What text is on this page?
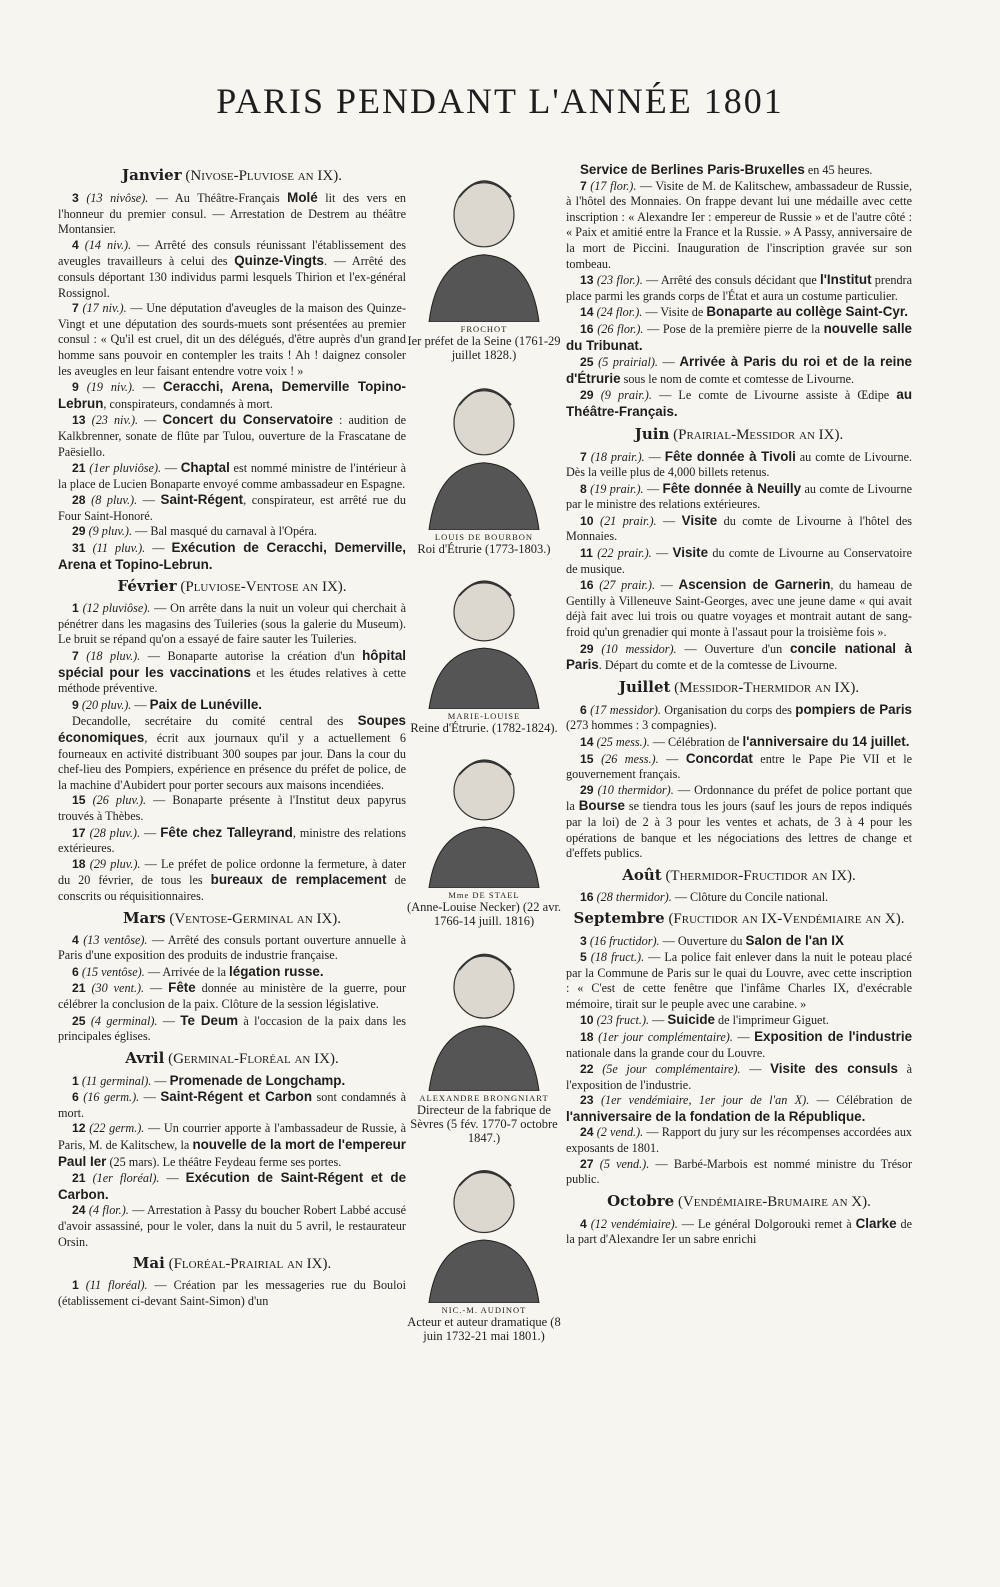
PARIS PENDANT L'ANNÉE 1801
Janvier (Nivose-Pluviose an IX).

3 (13 nivôse). — Au Théâtre-Français Molé lit des vers en l'honneur du premier consul. — Arrestation de Destrem au théâtre Montansier.

4 (14 niv.). — Arrêté des consuls réunissant l'établissement des aveugles travailleurs à celui des Quinze-Vingts. — Arrêté des consuls déportant 130 individus parmi lesquels Thirion et l'ex-général Rossignol.

7 (17 niv.). — Une députation d'aveugles de la maison des Quinze-Vingt et une députation des sourds-muets sont présentées au premier consul : « Qu'il est cruel, dit un des délégués, d'être auprès d'un grand homme sans pouvoir en contempler les traits ! Ah ! daignez consoler les aveugles en leur faisant entendre votre voix ! »

9 (19 niv.). — Ceracchi, Arena, Demerville Topino-Lebrun, conspirateurs, condamnés à mort.

13 (23 niv.). — Concert du Conservatoire : audition de Kalkbrenner, sonate de flûte par Tulou, ouverture de la Frascatane de Paësiello.

21 (1er pluviôse). — Chaptal est nommé ministre de l'intérieur à la place de Lucien Bonaparte envoyé comme ambassadeur en Espagne.

28 (8 pluv.). — Saint-Régent, conspirateur, est arrêté rue du Four Saint-Honoré.

29 (9 pluv.). — Bal masqué du carnaval à l'Opéra.

31 (11 pluv.). — Exécution de Ceracchi, Demerville, Arena et Topino-Lebrun.

Février (Pluviose-Ventose an IX).

1 (12 pluviôse). — On arrête dans la nuit un voleur qui cherchait à pénétrer dans les magasins des Tuileries (sous la galerie du Museum). Le bruit se répand qu'on a essayé de faire sauter les Tuileries.

7 (18 pluv.). — Bonaparte autorise la création d'un hôpital spécial pour les vaccinations et les études relatives à cette méthode préventive.

9 (20 pluv.). — Paix de Lunéville.

Decandolle, secrétaire du comité central des Soupes économiques, écrit aux journaux qu'il y a actuellement 6 fourneaux en activité distribuant 300 soupes par jour. Dans la cour du chef-lieu des Pompiers, expérience en présence du préfet de police, de la machine d'Aubidert pour porter secours aux maisons incendiées.

15 (26 pluv.). — Bonaparte présente à l'Institut deux papyrus trouvés à Thèbes.

17 (28 pluv.). — Fête chez Talleyrand, ministre des relations extérieures.

18 (29 pluv.). — Le préfet de police ordonne la fermeture, à dater du 20 février, de tous les bureaux de remplacement de conscrits ou réquisitionnaires.

Mars (Ventose-Germinal an IX).

4 (13 ventôse). — Arrêté des consuls portant ouverture annuelle à Paris d'une exposition des produits de industrie française.

6 (15 ventôse). — Arrivée de la légation russe.

21 (30 vent.). — Fête donnée au ministère de la guerre, pour célébrer la conclusion de la paix. Clôture de la session législative.

25 (4 germinal). — Te Deum à l'occasion de la paix dans les principales églises.

Avril (Germinal-Floréal an IX).

1 (11 germinal). — Promenade de Longchamp.

6 (16 germ.). — Saint-Régent et Carbon sont condamnés à mort.

12 (22 germ.). — Un courrier apporte à l'ambassadeur de Russie, à Paris, M. de Kalitschew, la nouvelle de la mort de l'empereur Paul Ier (25 mars). Le théâtre Feydeau ferme ses portes.

21 (1er floréal). — Exécution de Saint-Régent et de Carbon.

24 (4 flor.). — Arrestation à Passy du boucher Robert Labbé accusé d'avoir assassiné, pour le voler, dans la nuit du 5 avril, le restaurateur Orsin.

Mai (Floréal-Prairial an IX).

1 (11 floréal). — Création par les messageries rue du Bouloi (établissement ci-devant Saint-Simon) d'un

FROCHOT
Ier préfet de la Seine (1761-29 juillet 1828.)
LOUIS DE BOURBON
Roi d'Étrurie (1773-1803.)
MARIE-LOUISE
Reine d'Étrurie. (1782-1824).
Mme DE STAEL
(Anne-Louise Necker) (22 avr. 1766-14 juill. 1816)
ALEXANDRE BRONGNIART
Directeur de la fabrique de Sèvres (5 fév. 1770-7 octobre 1847.)
NIC.-M. AUDINOT
Acteur et auteur dramatique (8 juin 1732-21 mai 1801.)

Service de Berlines Paris-Bruxelles en 45 heures.

7 (17 flor.). — Visite de M. de Kalitschew, ambassadeur de Russie, à l'hôtel des Monnaies. On frappe devant lui une médaille avec cette inscription : « Alexandre Ier : empereur de Russie » et de l'autre côté : « Paix et amitié entre la France et la Russie. » A Passy, anniversaire de la mort de Piccini. Inauguration de l'inscription gravée sur son tombeau.

13 (23 flor.). — Arrêté des consuls décidant que l'Institut prendra place parmi les grands corps de l'État et aura un costume particulier.

14 (24 flor.). — Visite de Bonaparte au collège Saint-Cyr.

16 (26 flor.). — Pose de la première pierre de la nouvelle salle du Tribunat.

25 (5 prairial). — Arrivée à Paris du roi et de la reine d'Étrurie sous le nom de comte et comtesse de Livourne.

29 (9 prair.). — Le comte de Livourne assiste à Œdipe au Théâtre-Français.

Juin (Prairial-Messidor an IX).

7 (18 prair.). — Fête donnée à Tivoli au comte de Livourne. Dès la veille plus de 4,000 billets retenus.

8 (19 prair.). — Fête donnée à Neuilly au comte de Livourne par le ministre des relations extérieures.

10 (21 prair.). — Visite du comte de Livourne à l'hôtel des Monnaies.

11 (22 prair.). — Visite du comte de Livourne au Conservatoire de musique.

16 (27 prair.). — Ascension de Garnerin, du hameau de Gentilly à Villeneuve Saint-Georges, avec une jeune dame « qui avait déjà fait avec lui trois ou quatre voyages et montrait autant de sang-froid qu'un grenadier qui monte à l'assaut pour la troisième fois ».

29 (10 messidor). — Ouverture d'un concile national à Paris. Départ du comte et de la comtesse de Livourne.

Juillet (Messidor-Thermidor an IX).

6 (17 messidor). Organisation du corps des pompiers de Paris (273 hommes : 3 compagnies).

14 (25 mess.). — Célébration de l'anniversaire du 14 juillet.

15 (26 mess.). — Concordat entre le Pape Pie VII et le gouvernement français.

29 (10 thermidor). — Ordonnance du préfet de police portant que la Bourse se tiendra tous les jours (sauf les jours de repos indiqués par la loi) de 2 à 3 pour les ventes et achats, de 3 à 4 pour les opérations de banque et les négociations des lettres de change et d'effets publics.

Août (Thermidor-Fructidor an IX).

16 (28 thermidor). — Clôture du Concile national.

Septembre (Fructidor an IX-Vendémiaire an X).

3 (16 fructidor). — Ouverture du Salon de l'an IX

5 (18 fruct.). — La police fait enlever dans la nuit le poteau placé par la Commune de Paris sur le quai du Louvre, avec cette inscription : « C'est de cette fenêtre que l'infâme Charles IX, d'exécrable mémoire, tirait sur le peuple avec une carabine. »

10 (23 fruct.). — Suicide de l'imprimeur Giguet.

18 (1er jour complémentaire). — Exposition de l'industrie nationale dans la grande cour du Louvre.

22 (5e jour complémentaire). — Visite des consuls à l'exposition de l'industrie.

23 (1er vendémiaire, 1er jour de l'an X). — Célébration de l'anniversaire de la fondation de la République.

24 (2 vend.). — Rapport du jury sur les récompenses accordées aux exposants de 1801.

27 (5 vend.). — Barbé-Marbois est nommé ministre du Trésor public.

Octobre (Vendémiaire-Brumaire an X).

4 (12 vendémiaire). — Le général Dolgorouki remet à Clarke de la part d'Alexandre Ier un sabre enrichi
